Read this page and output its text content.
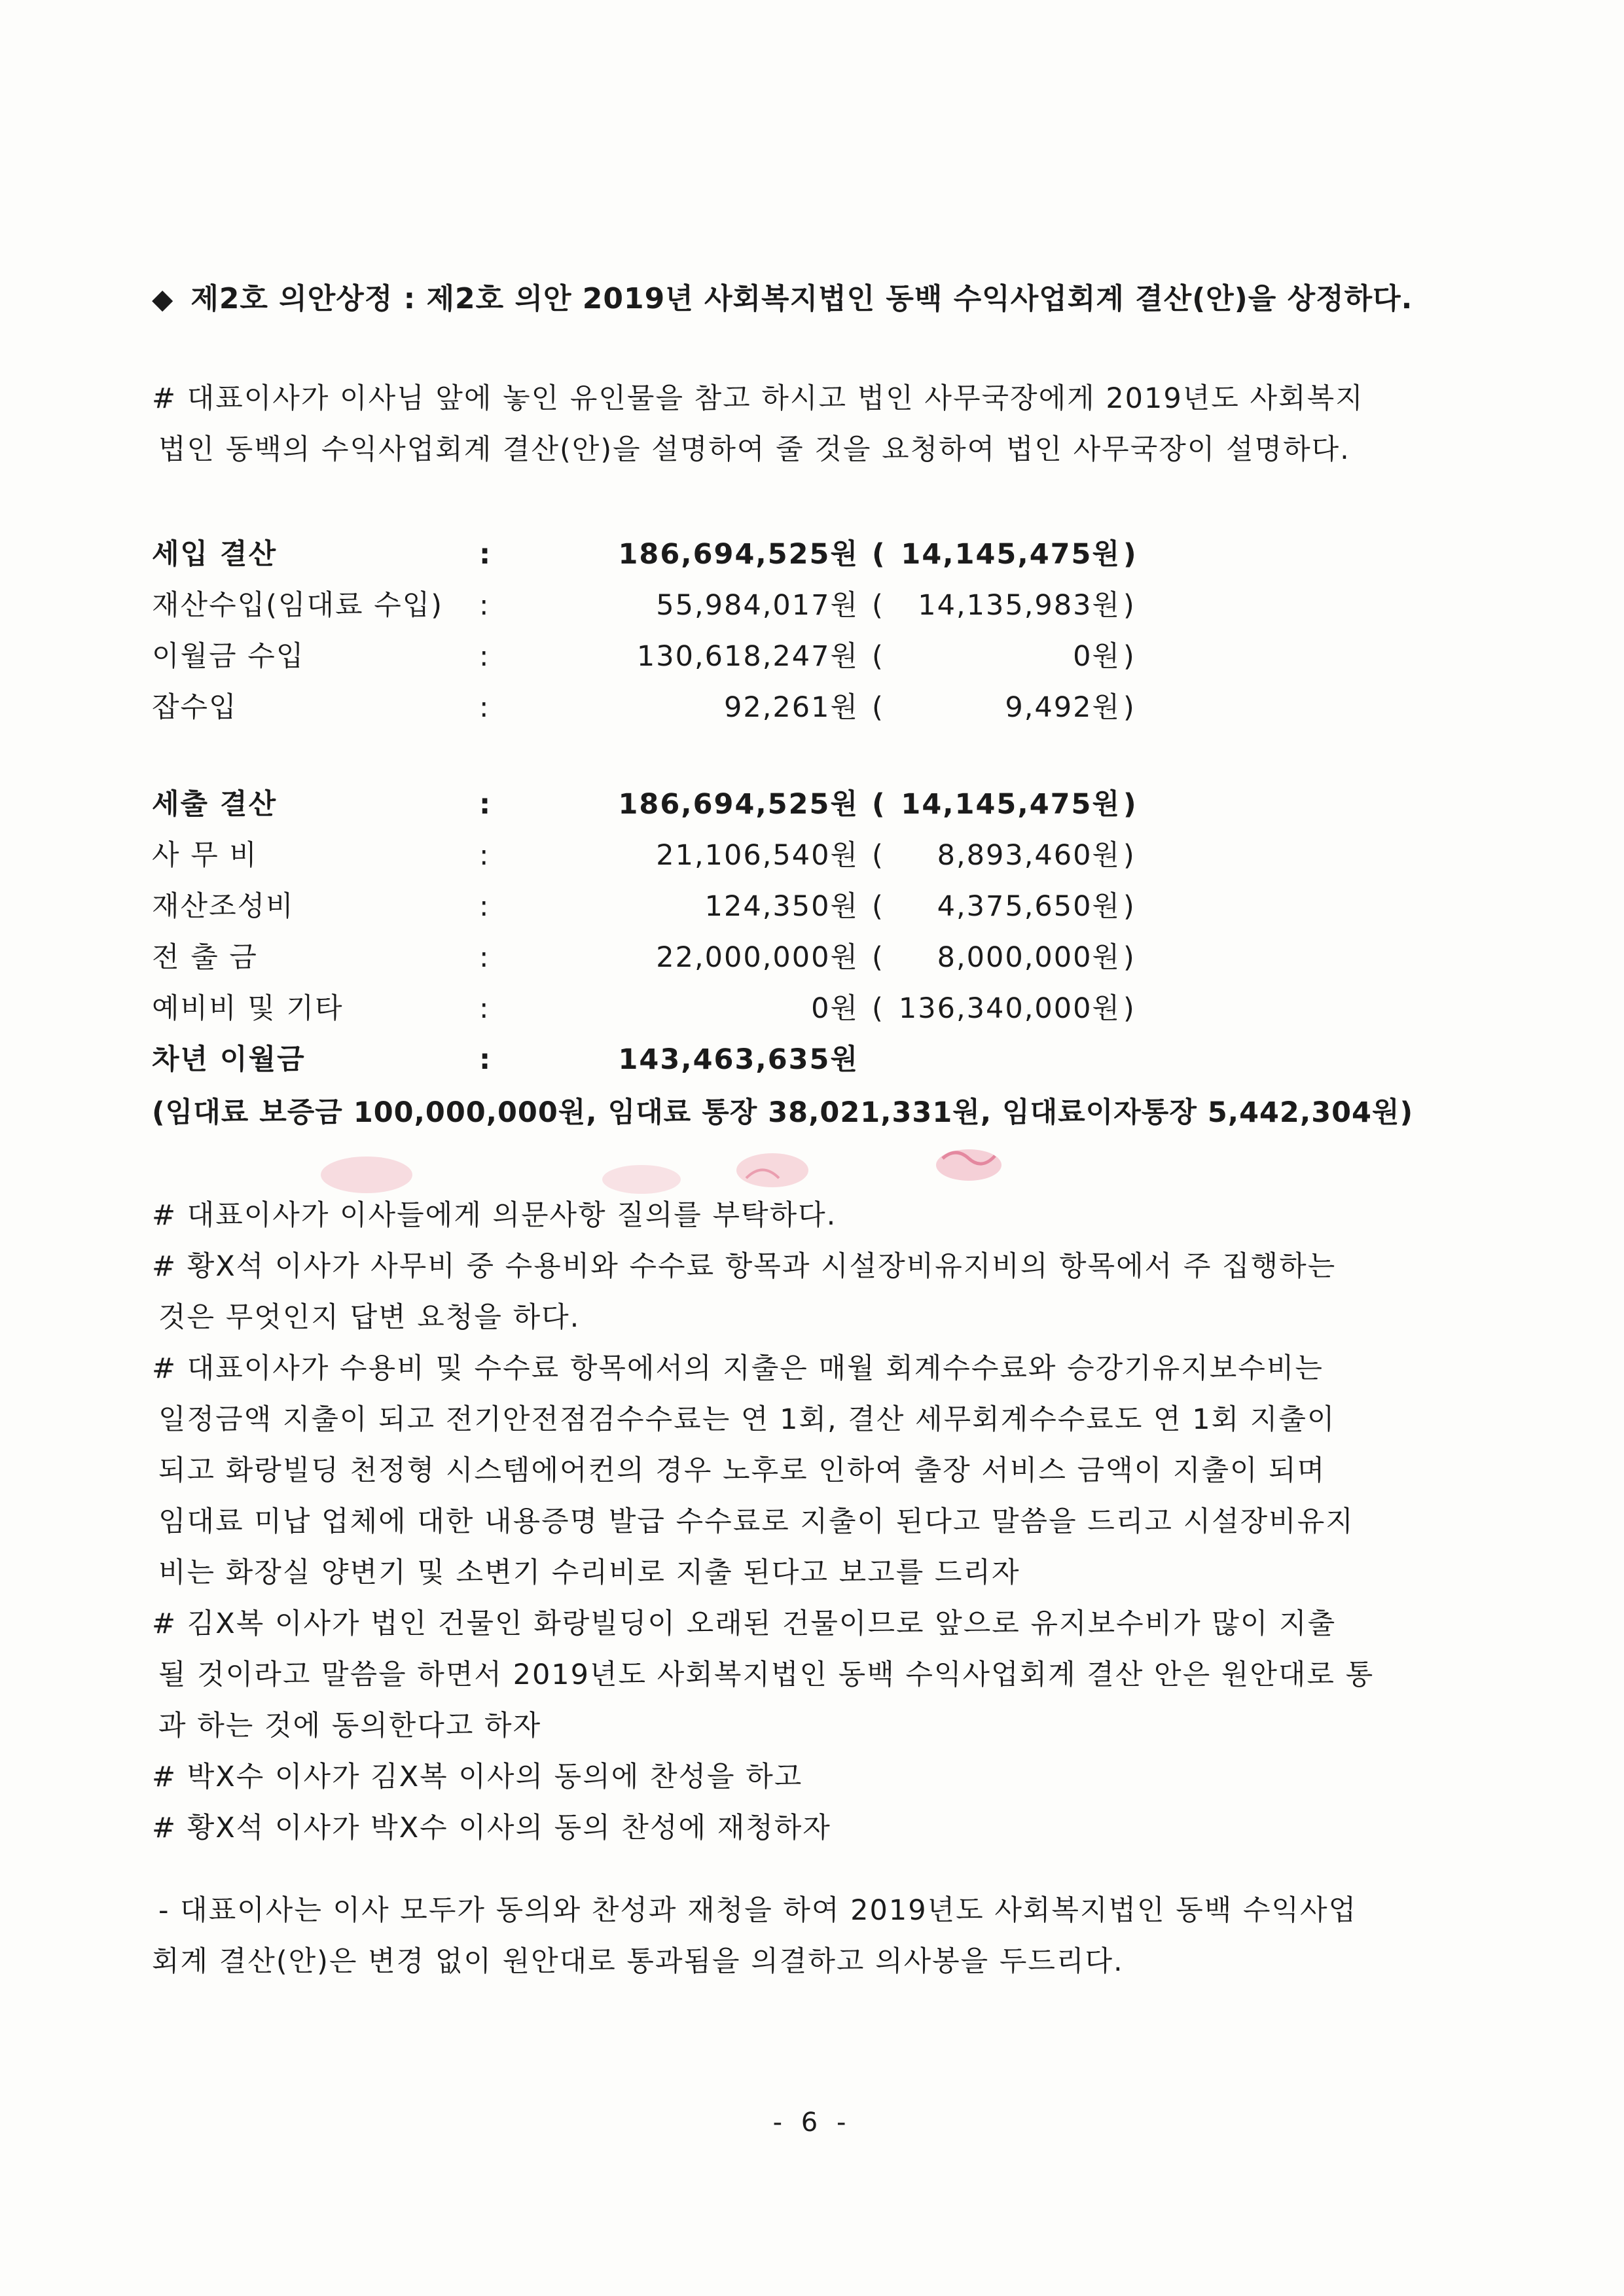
◆ 제2호 의안상정 : 제2호 의안 2019년 사회복지법인 동백 수익사업회계 결산(안)을 상정하다.

# 대표이사가 이사님 앞에 놓인 유인물을 참고 하시고 법인 사무국장에게 2019년도 사회복지

법인 동백의 수익사업회계 결산(안)을 설명하여 줄 것을 요청하여 법인 사무국장이 설명하다.

세입 결산	:	186,694,525원 ( 14,145,475원 )
재산수입(임대료 수입) :	55,984,017원 (	14,135,983원 )
이월금 수입	:	130,618,247원 (	0원 )
잡수입	:	92,261원 (	9,492원 )
세출 결산	:	186,694,525원 ( 14,145,475원 )
사 무 비	:	21,106,540원 (	8,893,460원 )
재산조성비	:	124,350원 (	4,375,650원 )
전 출 금	:	22,000,000원 (	8,000,000원 )
예비비 및 기타	:	0원 ( 136,340,000원 )
차년 이월금	:	143,463,635원
(임대료 보증금 100,000,000원, 임대료 통장 38,021,331원, 임대료이자통장 5,442,304원)

# 대표이사가 이사들에게 의문사항 질의를 부탁하다.

# 황X석 이사가 사무비 중 수용비와 수수료 항목과 시설장비유지비의 항목에서 주 집행하는

것은 무엇인지 답변 요청을 하다.

# 대표이사가 수용비 및 수수료 항목에서의 지출은 매월 회계수수료와 승강기유지보수비는

일정금액 지출이 되고 전기안전점검수수료는 연 1회, 결산 세무회계수수료도 연 1회 지출이

되고 화랑빌딩 천정형 시스템에어컨의 경우 노후로 인하여 출장 서비스 금액이 지출이 되며

임대료 미납 업체에 대한 내용증명 발급 수수료로 지출이 된다고 말씀을 드리고 시설장비유지

비는 화장실 양변기 및 소변기 수리비로 지출 된다고 보고를 드리자

# 김X복 이사가 법인 건물인 화랑빌딩이 오래된 건물이므로 앞으로 유지보수비가 많이 지출

될 것이라고 말씀을 하면서 2019년도 사회복지법인 동백 수익사업회계 결산 안은 원안대로 통

과 하는 것에 동의한다고 하자

# 박X수 이사가 김X복 이사의 동의에 찬성을 하고

# 황X석 이사가 박X수 이사의 동의 찬성에 재청하자

- 대표이사는 이사 모두가 동의와 찬성과 재청을 하여 2019년도 사회복지법인 동백 수익사업

회계 결산(안)은 변경 없이 원안대로 통과됨을 의결하고 의사봉을 두드리다.

- 6 -
